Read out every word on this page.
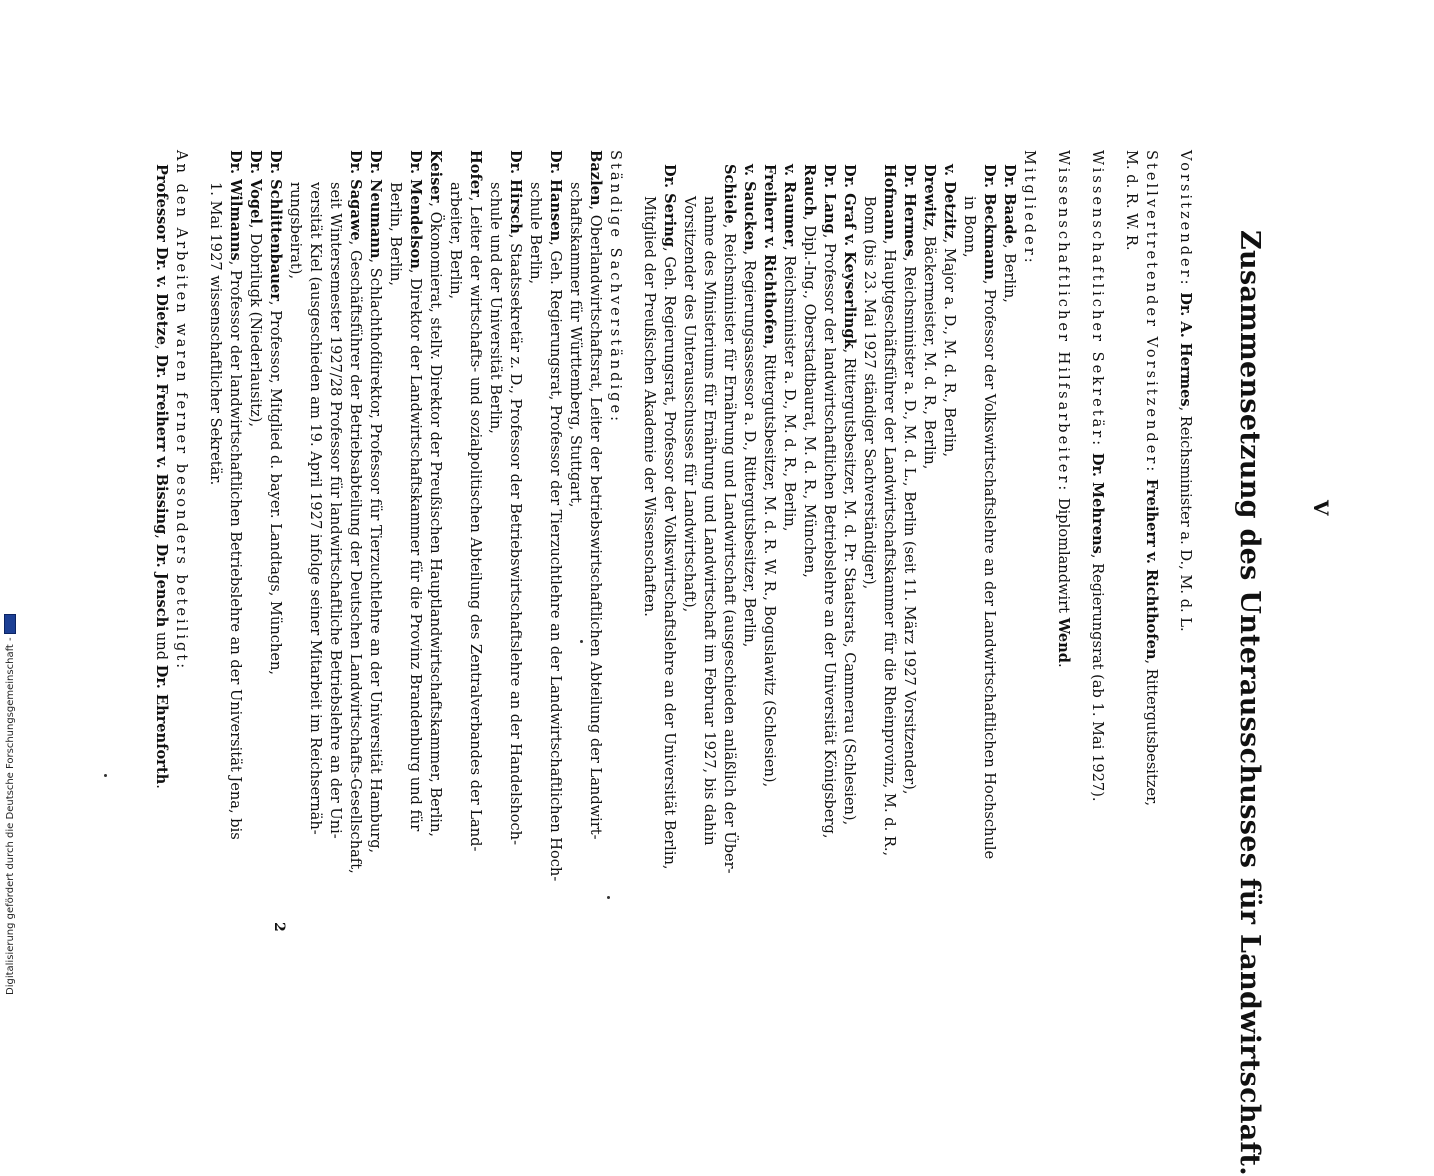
V
Zusammensetzung des Unterausschusses für Landwirtschaft.
Vorsitzender: Dr. A. Hermes, Reichsminister a. D., M. d. L.
Stellvertretender Vorsitzender: Freiherr v. Richthofen, Rittergutsbesitzer,
M. d. R. W. R.
Wissenschaftlicher Sekretär: Dr. Mehrens, Regierungsrat (ab 1. Mai 1927).
Wissenschaftlicher Hilfsarbeiter: Diplomlandwirt Wend.
Mitglieder:
Dr. Baade, Berlin,
Dr. Beckmann, Professor der Volkswirtschaftslehre an der Landwirtschaftlichen Hochschule
in Bonn,
v. Detzitz, Major a. D., M. d. R., Berlin,
Drewitz, Bäckermeister, M. d. R., Berlin,
Dr. Hermes, Reichsminister a. D., M. d. L., Berlin (seit 11. März 1927 Vorsitzender),
Hofmann, Hauptgeschäftsführer der Landwirtschaftskammer für die Rheinprovinz, M. d. R.,
Bonn (bis 23. Mai 1927 ständiger Sachverständiger),
Dr. Graf v. Keyserlingk, Rittergutsbesitzer, M. d. Pr. Staatsrats, Cammerau (Schlesien),
Dr. Lang, Professor der landwirtschaftlichen Betriebslehre an der Universität Königsberg,
Rauch, Dipl.-Ing., Oberstadtbaurat, M. d. R., München,
v. Raumer, Reichsminister a. D., M. d. R., Berlin,
Freiherr v. Richthofen, Rittergutsbesitzer, M. d. R. W. R., Boguslawitz (Schlesien),
v. Saucken, Regierungsassessor a. D., Rittergutsbesitzer, Berlin,
Schiele, Reichsminister für Ernährung und Landwirtschaft (ausgeschieden anläßlich der Über-
nahme des Ministeriums für Ernährung und Landwirtschaft im Februar 1927, bis dahin
Vorsitzender des Unterausschusses für Landwirtschaft),
Dr. Sering, Geh. Regierungsrat, Professor der Volkswirtschaftslehre an der Universität Berlin,
Mitglied der Preußischen Akademie der Wissenschaften.
Ständige Sachverständige:
Bazlen, Oberlandwirtschaftsrat, Leiter der betriebswirtschaftlichen Abteilung der Landwirt-
schaftskammer für Württemberg, Stuttgart,
Dr. Hansen, Geh. Regierungsrat, Professor der Tierzuchtlehre an der Landwirtschaftlichen Hoch-
schule Berlin,
Dr. Hirsch, Staatssekretär z. D., Professor der Betriebswirtschaftslehre an der Handelshoch-
schule und der Universität Berlin,
Hofer, Leiter der wirtschafts- und sozialpolitischen Abteilung des Zentralverbandes der Land-
arbeiter, Berlin,
Keiser, Ökonomierat, stellv. Direktor der Preußischen Hauptlandwirtschaftskammer, Berlin,
Dr. Mendelson, Direktor der Landwirtschaftskammer für die Provinz Brandenburg und für
Berlin, Berlin,
Dr. Neumann, Schlachthofdirektor, Professor für Tierzuchtlehre an der Universität Hamburg,
Dr. Sagawe, Geschäftsführer der Betriebsabteilung der Deutschen Landwirtschafts-Gesellschaft,
seit Wintersemester 1927/28 Professor für landwirtschaftliche Betriebslehre an der Uni-
versität Kiel (ausgeschieden am 19. April 1927 infolge seiner Mitarbeit im Reichsernäh-
rungsbeirat),
Dr. Schlittenbauer, Professor, Mitglied d. bayer. Landtags, München,
Dr. Vogel, Dobrilugk (Niederlausitz),
Dr. Wilmanns, Professor der landwirtschaftlichen Betriebslehre an der Universität Jena, bis
1. Mai 1927 wissenschaftlicher Sekretär.
An den Arbeiten waren ferner besonders beteiligt:
Professor Dr. v. Dietze, Dr. Freiherr v. Bissing, Dr. Jensch und Dr. Ehrenforth.
2
Digitalisierung gefördert durch die Deutsche Forschungsgemeinschaft -
